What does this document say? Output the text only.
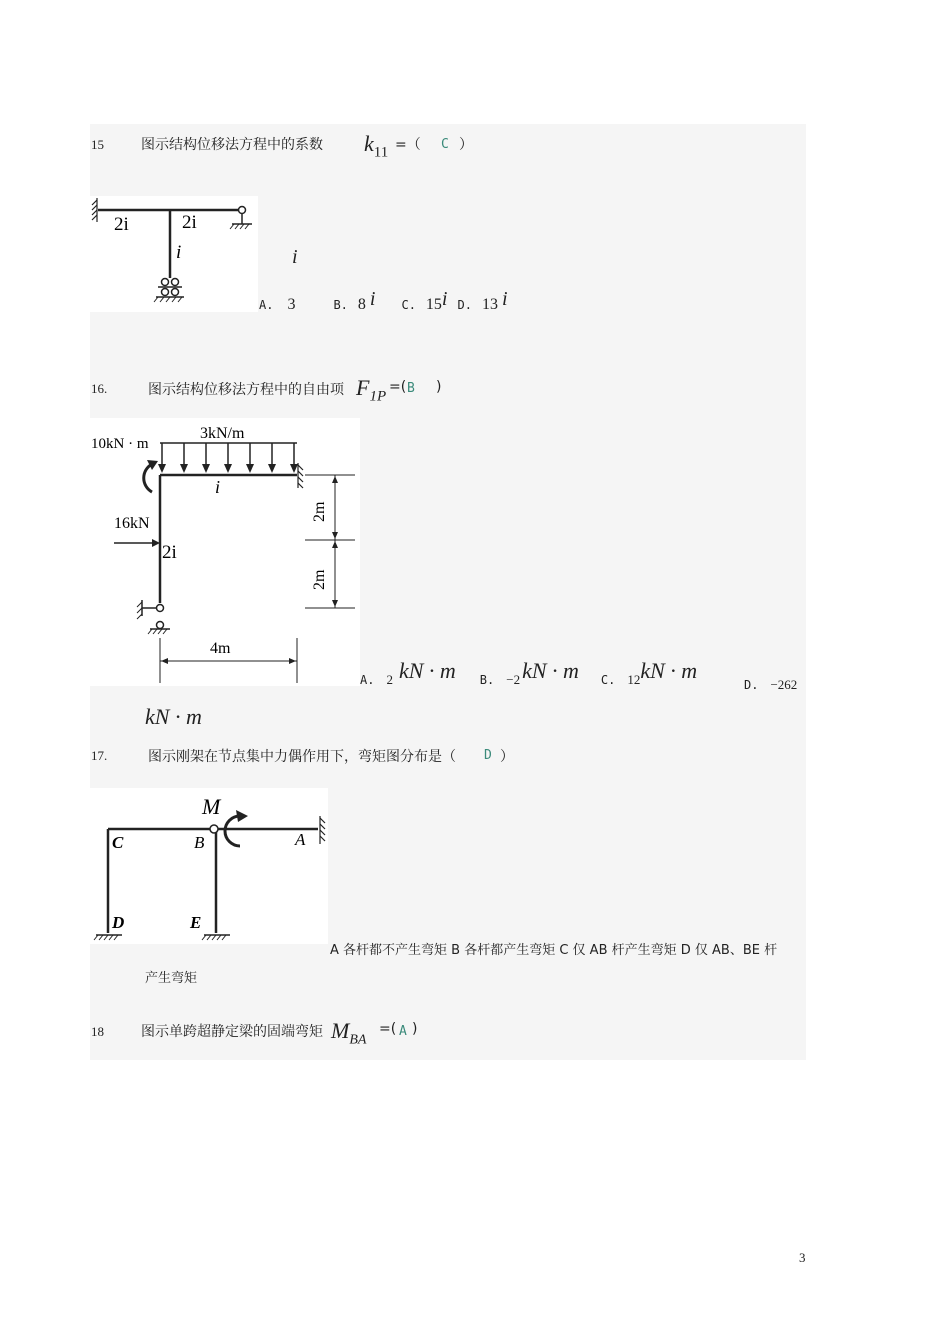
15	图示结构位移法方程中的系数 $k_{11}$ =（ C ）
2i	2i
i	i
A. 3	B. 8 i C. 15i D. 13 i
16.	图示结构位移法方程中的自由项 $F_{1P}$
=( B )
10kN · m
3kN/m
i
16kN
2i
2m
2m
4m
A. 2 kN · m B. −2kN · m C. 12kN · m
D. −262
kN · m
17.	图示刚架在节点集中力偶作用下，弯矩图分布是（ D ）
M
A
B
C
D	E
A 各杆都不产生弯矩 B 各杆都产生弯矩 C 仅 AB 杆产生弯矩 D 仅 AB、BE 杆
产生弯矩
18	图示单跨超静定梁的固端弯矩 $M_{BA}$
=( A )
3
